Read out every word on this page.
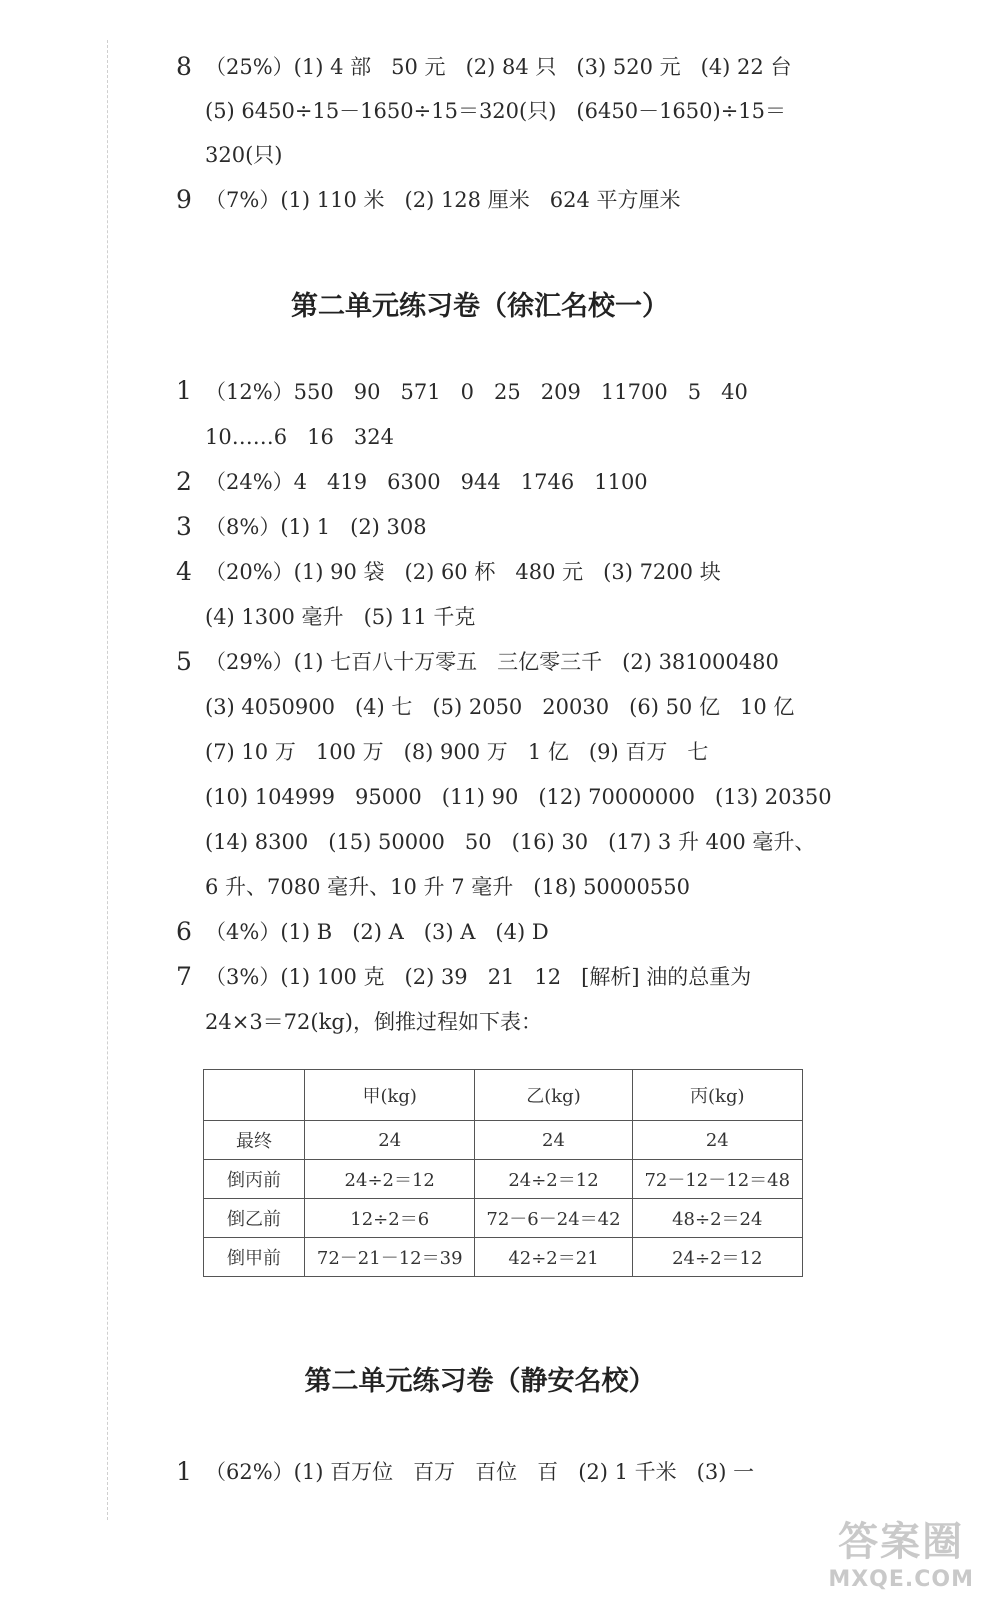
8 （25%）(1) 4 部   50 元   (2) 84 只   (3) 520 元   (4) 22 台
(5) 6450÷15－1650÷15＝320(只)   (6450－1650)÷15＝
320(只)
9 （7%）(1) 110 米   (2) 128 厘米   624 平方厘米
第二单元练习卷（徐汇名校一）
1 （12%）550   90   571   0   25   209   11700   5   40
10……6   16   324
2 （24%）4   419   6300   944   1746   1100
3 （8%）(1) 1   (2) 308
4 （20%）(1) 90 袋   (2) 60 杯   480 元   (3) 7200 块
(4) 1300 毫升   (5) 11 千克
5 （29%）(1) 七百八十万零五   三亿零三千   (2) 381000480
(3) 4050900   (4) 七   (5) 2050   20030   (6) 50 亿   10 亿
(7) 10 万   100 万   (8) 900 万   1 亿   (9) 百万   七
(10) 104999   95000   (11) 90   (12) 70000000   (13) 20350
(14) 8300   (15) 50000   50   (16) 30   (17) 3 升 400 毫升、
6 升、7080 毫升、10 升 7 毫升   (18) 50000550
6 （4%）(1) B   (2) A   (3) A   (4) D
7 （3%）(1) 100 克   (2) 39   21   12   [解析] 油的总重为
24×3＝72(kg)，倒推过程如下表：
	甲(kg)	乙(kg)	丙(kg)
最终	24	24	24
倒丙前	24÷2＝12	24÷2＝12	72－12－12＝48
倒乙前	12÷2＝6	72－6－24＝42	48÷2＝24
倒甲前	72－21－12＝39	42÷2＝21	24÷2＝12
第二单元练习卷（静安名校）
1 （62%）(1) 百万位   百万   百位   百   (2) 1 千米   (3) 一
答案圈
MXQE.COM
